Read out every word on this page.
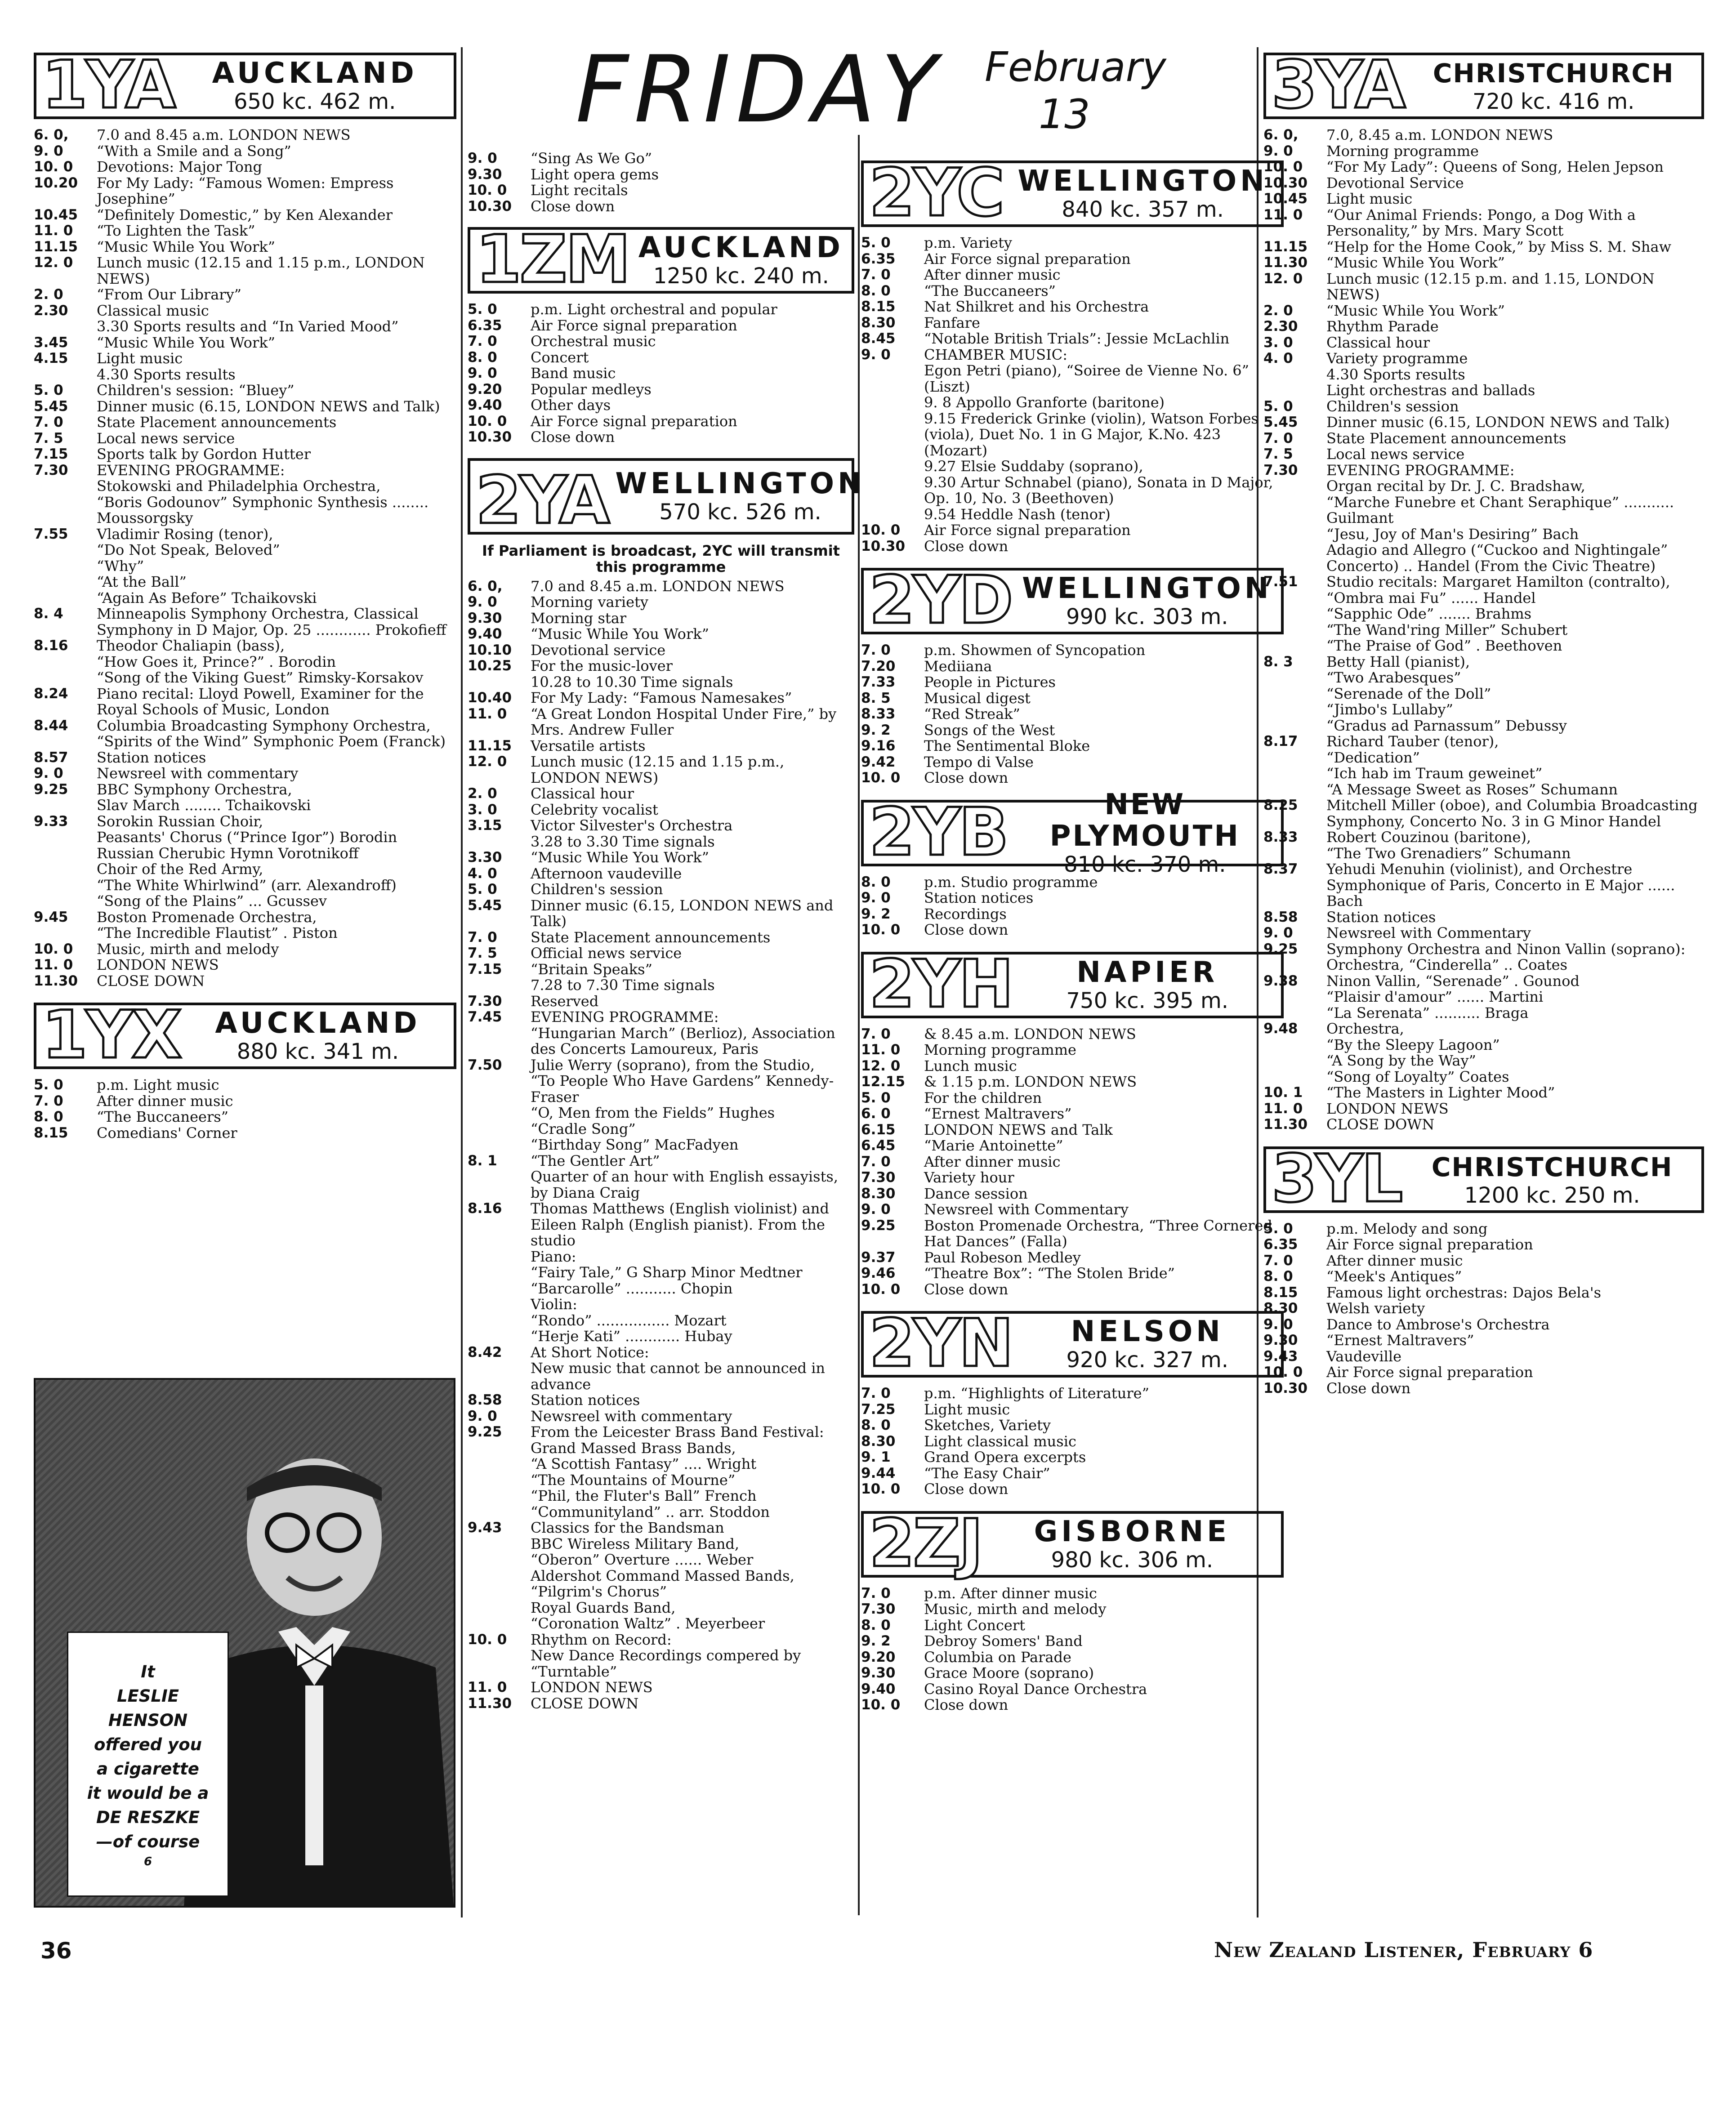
FRIDAY February
13
1YA	AUCKLAND
650 kc. 462 m.
6. 0,	7.0 and 8.45 a.m. LONDON NEWS
9. 0	“With a Smile and a Song”
10. 0	Devotions: Major Tong
10.20	For My Lady: “Famous Women: Empress Josephine”
10.45	“Definitely Domestic,” by Ken Alexander
11. 0	“To Lighten the Task”
11.15	“Music While You Work”
12. 0	Lunch music (12.15 and 1.15 p.m., LONDON NEWS)
2. 0	“From Our Library”
2.30	Classical music
3.30 Sports results and “In Varied Mood”
3.45	“Music While You Work”
4.15	Light music
4.30 Sports results
5. 0	Children's session: “Bluey”
5.45	Dinner music (6.15, LONDON NEWS and Talk)
7. 0	State Placement announcements
7. 5	Local news service
7.15	Sports talk by Gordon Hutter
7.30	EVENING PROGRAMME:
Stokowski and Philadelphia Orchestra,
“Boris Godounov” Symphonic Synthesis ........ Moussorgsky
7.55	Vladimir Rosing (tenor),
“Do Not Speak, Beloved”
“Why”
“At the Ball”
“Again As Before” Tchaikovski
8. 4	Minneapolis Symphony Orchestra, Classical Symphony in D Major, Op. 25 ............ Prokofieff
8.16	Theodor Chaliapin (bass),
“How Goes it, Prince?” . Borodin
“Song of the Viking Guest” Rimsky-Korsakov
8.24	Piano recital: Lloyd Powell, Examiner for the Royal Schools of Music, London
8.44	Columbia Broadcasting Symphony Orchestra,
“Spirits of the Wind” Symphonic Poem (Franck)
8.57	Station notices
9. 0	Newsreel with commentary
9.25	BBC Symphony Orchestra,
Slav March ........ Tchaikovski
9.33	Sorokin Russian Choir,
Peasants' Chorus (“Prince Igor”) Borodin
Russian Cherubic Hymn Vorotnikoff
Choir of the Red Army,
“The White Whirlwind” (arr. Alexandroff)
“Song of the Plains” ... Gcussev
9.45	Boston Promenade Orchestra,
“The Incredible Flautist” . Piston
10. 0	Music, mirth and melody
11. 0	LONDON NEWS
11.30	CLOSE DOWN
1YX	AUCKLAND
880 kc. 341 m.
5. 0	p.m. Light music
7. 0	After dinner music
8. 0	“The Buccaneers”
8.15	Comedians' Corner
It
LESLIE
HENSON
offered you
a cigarette
it would be a
DE RESZKE
—of course
6
9. 0	“Sing As We Go”
9.30	Light opera gems
10. 0	Light recitals
10.30	Close down
1ZM AUCKLAND
1250 kc. 240 m.
5. 0	p.m. Light orchestral and popular
6.35	Air Force signal preparation
7. 0	Orchestral music
8. 0	Concert
9. 0	Band music
9.20	Popular medleys
9.40	Other days
10. 0	Air Force signal preparation
10.30	Close down
2YA WELLINGTON
570 kc. 526 m.
If Parliament is broadcast, 2YC will transmit this programme
6. 0,	7.0 and 8.45 a.m. LONDON NEWS
9. 0	Morning variety
9.30	Morning star
9.40	“Music While You Work”
10.10	Devotional service
10.25	For the music-lover
10.28 to 10.30 Time signals
10.40	For My Lady: “Famous Namesakes”
11. 0	“A Great London Hospital Under Fire,” by Mrs. Andrew Fuller
11.15	Versatile artists
12. 0	Lunch music (12.15 and 1.15 p.m., LONDON NEWS)
2. 0	Classical hour
3. 0	Celebrity vocalist
3.15	Victor Silvester's Orchestra
3.28 to 3.30 Time signals
3.30	“Music While You Work”
4. 0	Afternoon vaudeville
5. 0	Children's session
5.45	Dinner music (6.15, LONDON NEWS and Talk)
7. 0	State Placement announcements
7. 5	Official news service
7.15	“Britain Speaks”
7.28 to 7.30 Time signals
7.30	Reserved
7.45	EVENING PROGRAMME:
“Hungarian March” (Berlioz), Association des Concerts Lamoureux, Paris
7.50	Julie Werry (soprano), from the Studio,
“To People Who Have Gardens” Kennedy-Fraser
“O, Men from the Fields” Hughes
“Cradle Song”
“Birthday Song” MacFadyen
8. 1	“The Gentler Art”
Quarter of an hour with English essayists, by Diana Craig
8.16	Thomas Matthews (English violinist) and Eileen Ralph (English pianist). From the studio
Piano:
“Fairy Tale,” G Sharp Minor Medtner
“Barcarolle” ........... Chopin
Violin:
“Rondo” ................ Mozart
“Herje Kati” ............ Hubay
8.42	At Short Notice:
New music that cannot be announced in advance
8.58	Station notices
9. 0	Newsreel with commentary
9.25	From the Leicester Brass Band Festival:
Grand Massed Brass Bands,
“A Scottish Fantasy” .... Wright
“The Mountains of Mourne”
“Phil, the Fluter's Ball” French
“Communityland” .. arr. Stoddon
9.43	Classics for the Bandsman
BBC Wireless Military Band,
“Oberon” Overture ...... Weber
Aldershot Command Massed Bands,
“Pilgrim's Chorus”
Royal Guards Band,
“Coronation Waltz” . Meyerbeer
10. 0	Rhythm on Record:
New Dance Recordings compered by “Turntable”
11. 0	LONDON NEWS
11.30	CLOSE DOWN
2YC WELLINGTON
840 kc. 357 m.
5. 0	p.m. Variety
6.35	Air Force signal preparation
7. 0	After dinner music
8. 0	“The Buccaneers”
8.15	Nat Shilkret and his Orchestra
8.30	Fanfare
8.45	“Notable British Trials”: Jessie McLachlin
9. 0	CHAMBER MUSIC:
Egon Petri (piano), “Soiree de Vienne No. 6” (Liszt)
9. 8 Appollo Granforte (baritone)
9.15 Frederick Grinke (violin), Watson Forbes (viola), Duet No. 1 in G Major, K.No. 423 (Mozart)
9.27 Elsie Suddaby (soprano),
9.30 Artur Schnabel (piano), Sonata in D Major, Op. 10, No. 3 (Beethoven)
9.54 Heddle Nash (tenor)
10. 0	Air Force signal preparation
10.30	Close down
2YD WELLINGTON
990 kc. 303 m.
7. 0	p.m. Showmen of Syncopation
7.20	Mediiana
7.33	People in Pictures
8. 5	Musical digest
8.33	“Red Streak”
9. 2	Songs of the West
9.16	The Sentimental Bloke
9.42	Tempo di Valse
10. 0	Close down
2YB	NEW PLYMOUTH
810 kc. 370 m.
8. 0	p.m. Studio programme
9. 0	Station notices
9. 2	Recordings
10. 0	Close down
2YH	NAPIER
750 kc. 395 m.
7. 0	& 8.45 a.m. LONDON NEWS
11. 0	Morning programme
12. 0	Lunch music
12.15	& 1.15 p.m. LONDON NEWS
5. 0	For the children
6. 0	“Ernest Maltravers”
6.15	LONDON NEWS and Talk
6.45	“Marie Antoinette”
7. 0	After dinner music
7.30	Variety hour
8.30	Dance session
9. 0	Newsreel with Commentary
9.25	Boston Promenade Orchestra, “Three Cornered Hat Dances” (Falla)
9.37	Paul Robeson Medley
9.46	“Theatre Box”: “The Stolen Bride”
10. 0	Close down
2YN	NELSON
920 kc. 327 m.
7. 0	p.m. “Highlights of Literature”
7.25	Light music
8. 0	Sketches, Variety
8.30	Light classical music
9. 1	Grand Opera excerpts
9.44	“The Easy Chair”
10. 0	Close down
2ZJ	GISBORNE
980 kc. 306 m.
7. 0	p.m. After dinner music
7.30	Music, mirth and melody
8. 0	Light Concert
9. 2	Debroy Somers' Band
9.20	Columbia on Parade
9.30	Grace Moore (soprano)
9.40	Casino Royal Dance Orchestra
10. 0	Close down
3YA	CHRISTCHURCH
720 kc. 416 m.
6. 0,	7.0, 8.45 a.m. LONDON NEWS
9. 0	Morning programme
10. 0	“For My Lady”: Queens of Song, Helen Jepson
10.30	Devotional Service
10.45	Light music
11. 0	“Our Animal Friends: Pongo, a Dog With a Personality,” by Mrs. Mary Scott
11.15	“Help for the Home Cook,” by Miss S. M. Shaw
11.30	“Music While You Work”
12. 0	Lunch music (12.15 p.m. and 1.15, LONDON NEWS)
2. 0	“Music While You Work”
2.30	Rhythm Parade
3. 0	Classical hour
4. 0	Variety programme
4.30 Sports results
Light orchestras and ballads
5. 0	Children's session
5.45	Dinner music (6.15, LONDON NEWS and Talk)
7. 0	State Placement announcements
7. 5	Local news service
7.30	EVENING PROGRAMME:
Organ recital by Dr. J. C. Bradshaw,
“Marche Funebre et Chant Seraphique” ........... Guilmant
“Jesu, Joy of Man's Desiring” Bach
Adagio and Allegro (“Cuckoo and Nightingale” Concerto) .. Handel (From the Civic Theatre)
7.51	Studio recitals: Margaret Hamilton (contralto),
“Ombra mai Fu” ...... Handel
“Sapphic Ode” ....... Brahms
“The Wand'ring Miller” Schubert
“The Praise of God” . Beethoven
8. 3	Betty Hall (pianist),
“Two Arabesques”
“Serenade of the Doll”
“Jimbo's Lullaby”
“Gradus ad Parnassum” Debussy
8.17	Richard Tauber (tenor),
“Dedication”
“Ich hab im Traum geweinet”
“A Message Sweet as Roses” Schumann
8.25	Mitchell Miller (oboe), and Columbia Broadcasting Symphony, Concerto No. 3 in G Minor Handel
8.33	Robert Couzinou (baritone),
“The Two Grenadiers” Schumann
8.37	Yehudi Menuhin (violinist), and Orchestre Symphonique of Paris, Concerto in E Major ...... Bach
8.58	Station notices
9. 0	Newsreel with Commentary
9.25	Symphony Orchestra and Ninon Vallin (soprano):
Orchestra, “Cinderella” .. Coates
9.38	Ninon Vallin, “Serenade” . Gounod
“Plaisir d'amour” ...... Martini
“La Serenata” .......... Braga
9.48	Orchestra,
“By the Sleepy Lagoon”
“A Song by the Way”
“Song of Loyalty” Coates
10. 1	“The Masters in Lighter Mood”
11. 0	LONDON NEWS
11.30	CLOSE DOWN
3YL	CHRISTCHURCH
1200 kc. 250 m.
5. 0	p.m. Melody and song
6.35	Air Force signal preparation
7. 0	After dinner music
8. 0	“Meek's Antiques”
8.15	Famous light orchestras: Dajos Bela's
8.30	Welsh variety
9. 0	Dance to Ambrose's Orchestra
9.30	“Ernest Maltravers”
9.43	Vaudeville
10. 0	Air Force signal preparation
10.30	Close down
36	New Zealand Listener, February 6
